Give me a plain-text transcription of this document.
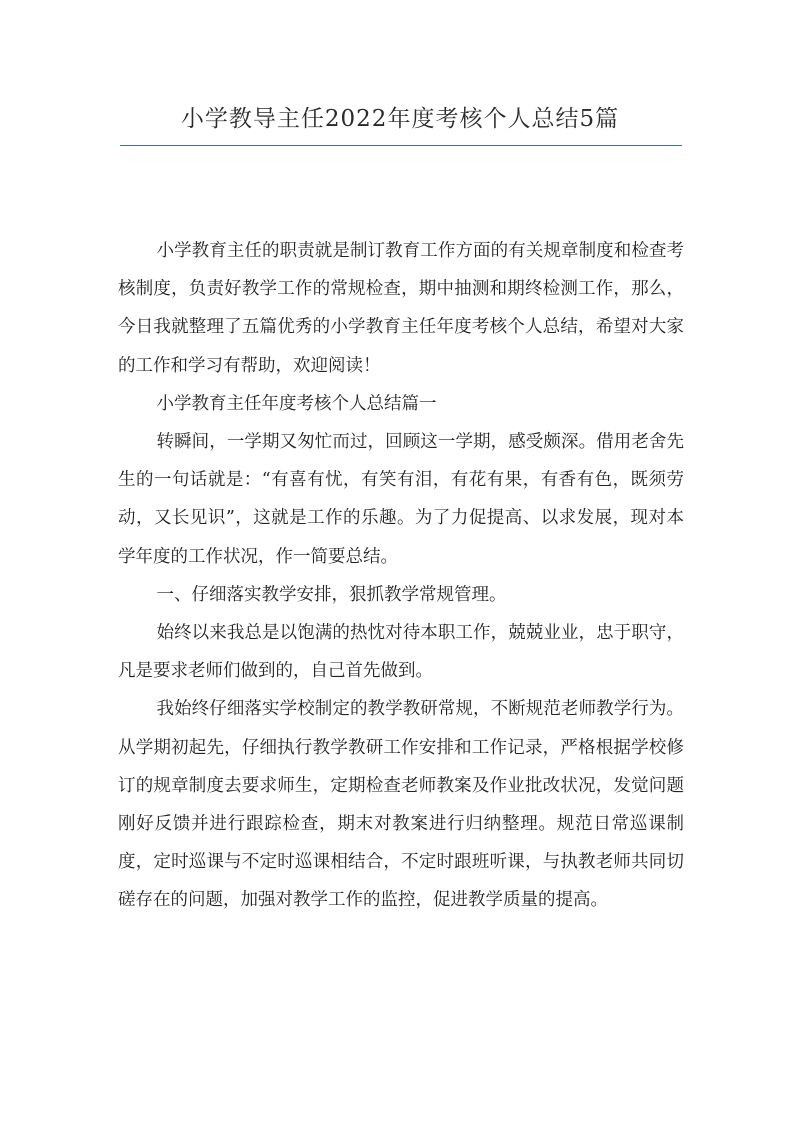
小学教导主任2022年度考核个人总结5篇

小学教育主任的职责就是制订教育工作方面的有关规章制度和检查考核制度，负责好教学工作的常规检查，期中抽测和期终检测工作，那么，今日我就整理了五篇优秀的小学教育主任年度考核个人总结，希望对大家的工作和学习有帮助，欢迎阅读！

小学教育主任年度考核个人总结篇一

转瞬间，一学期又匆忙而过，回顾这一学期，感受颇深。借用老舍先生的一句话就是：“有喜有忧，有笑有泪，有花有果，有香有色，既须劳动，又长见识”，这就是工作的乐趣。为了力促提高、以求发展，现对本学年度的工作状况，作一简要总结。

一、仔细落实教学安排，狠抓教学常规管理。

始终以来我总是以饱满的热忱对待本职工作，兢兢业业，忠于职守，凡是要求老师们做到的，自己首先做到。

我始终仔细落实学校制定的教学教研常规，不断规范老师教学行为。从学期初起先，仔细执行教学教研工作安排和工作记录，严格根据学校修订的规章制度去要求师生，定期检查老师教案及作业批改状况，发觉问题刚好反馈并进行跟踪检查，期末对教案进行归纳整理。规范日常巡课制度，定时巡课与不定时巡课相结合，不定时跟班听课，与执教老师共同切磋存在的问题，加强对教学工作的监控，促进教学质量的提高。
